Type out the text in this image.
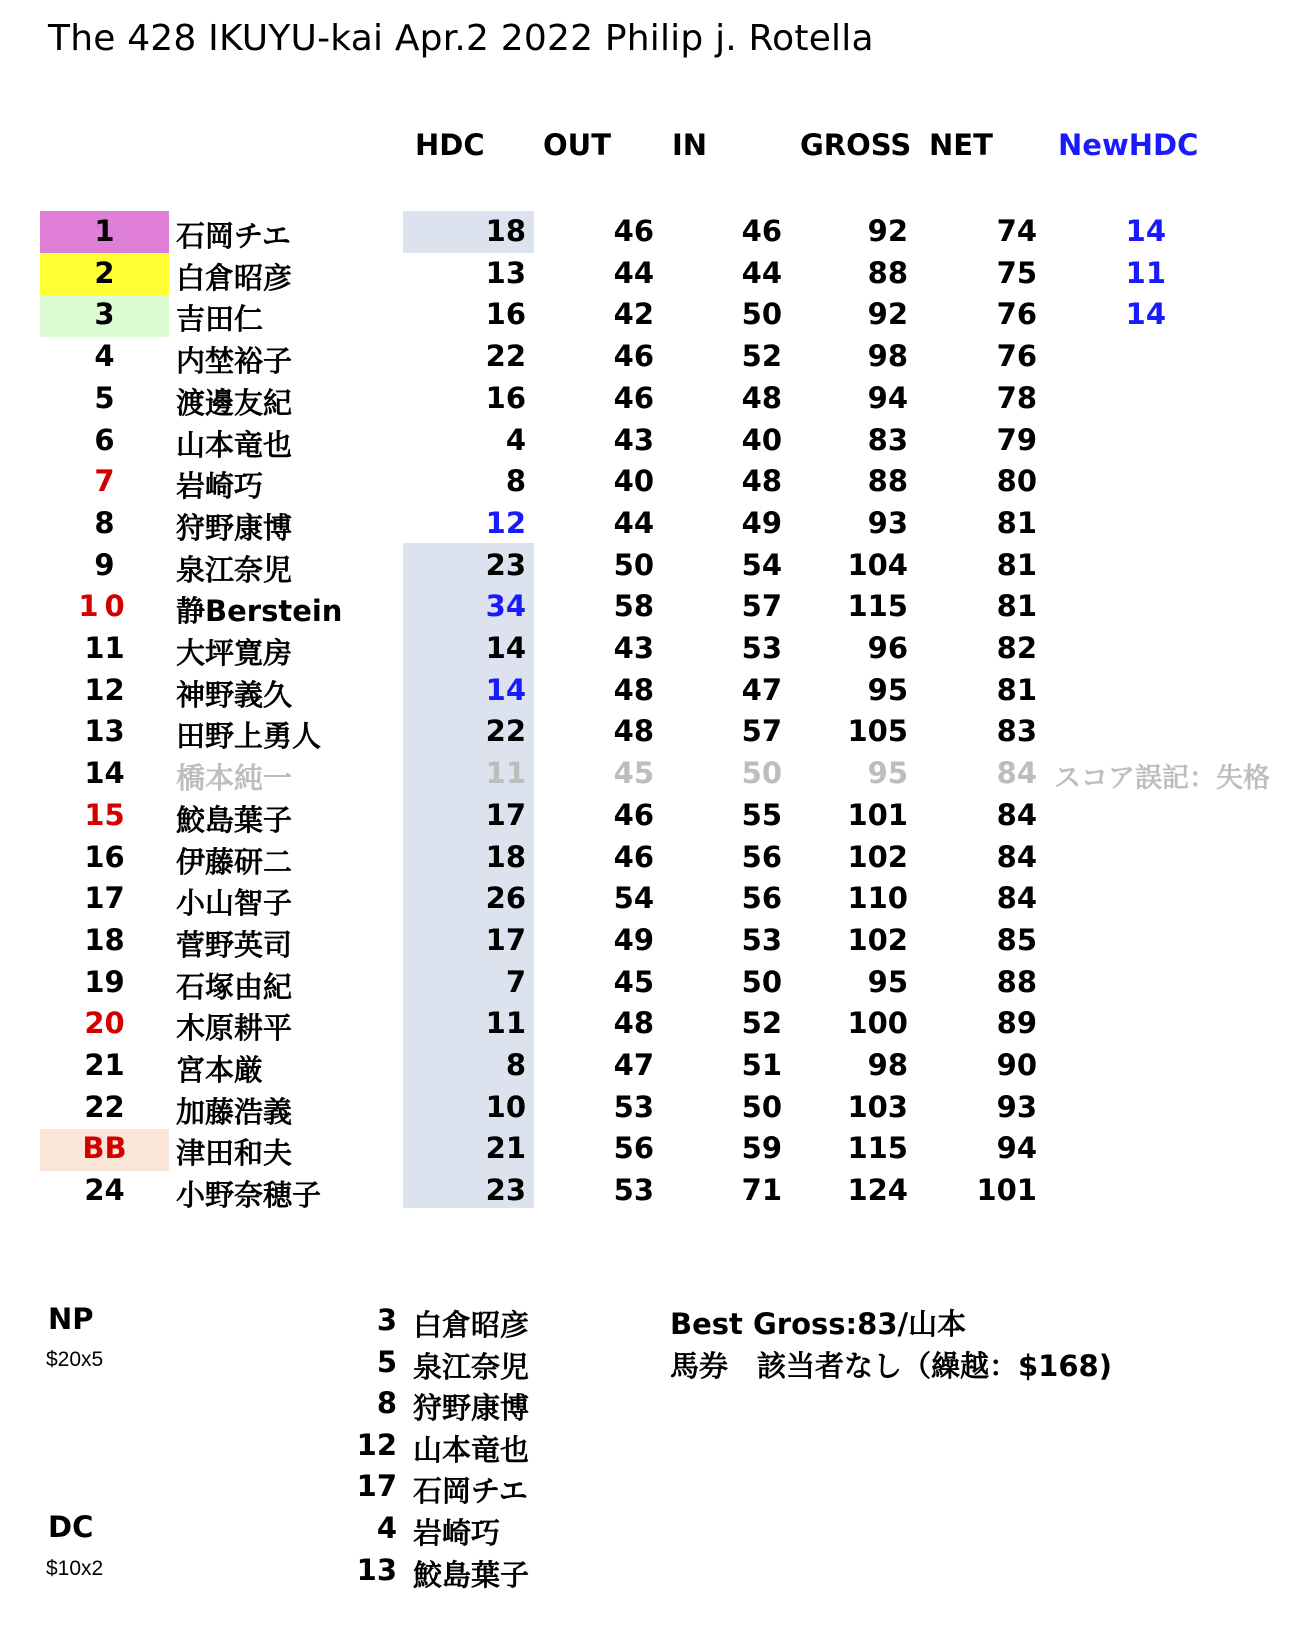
The 428 IKUYU-kai Apr.2 2022 Philip j. Rotella
HDC OUT IN	GROSS NET NewHDC
1	石岡チエ	18	46	46	92	74	14
2	白倉昭彦	13	44	44	88	75	11
3	吉田仁	16	42	50	92	76	14
4	内埜裕子	22	46	52	98	76
5	渡邊友紀	16	46	48	94	78
6	山本竜也	4	43	40	83	79
7	岩崎巧	8	40	48	88	80
8	狩野康博	12	44	49	93	81
9	泉江奈児	23	50	54	104	81
10	静Berstein	34	58	57	115	81
11	大坪寛房	14	43	53	96	82
12	神野義久	14	48	47	95	81
13	田野上勇人	22	48	57	105	83
14	橋本純一	11	45	50	95	84 スコア誤記：失格
15	鮫島葉子	17	46	55	101	84
16	伊藤研二	18	46	56	102	84
17	小山智子	26	54	56	110	84
18	菅野英司	17	49	53	102	85
19	石塚由紀	7	45	50	95	88
20	木原耕平	11	48	52	100	89
21	宮本厳	8	47	51	98	90
22	加藤浩義	10	53	50	103	93
BB	津田和夫	21	56	59	115	94
24	小野奈穂子	23	53	71	124	101
NP
$20x5
3 白倉昭彦
5 泉江奈児
8 狩野康博
12 山本竜也
17 石岡チエ
DC
$10x2
4 岩崎巧
13 鮫島葉子
Best Gross:83/山本
馬券　該当者なし（繰越：$168)
